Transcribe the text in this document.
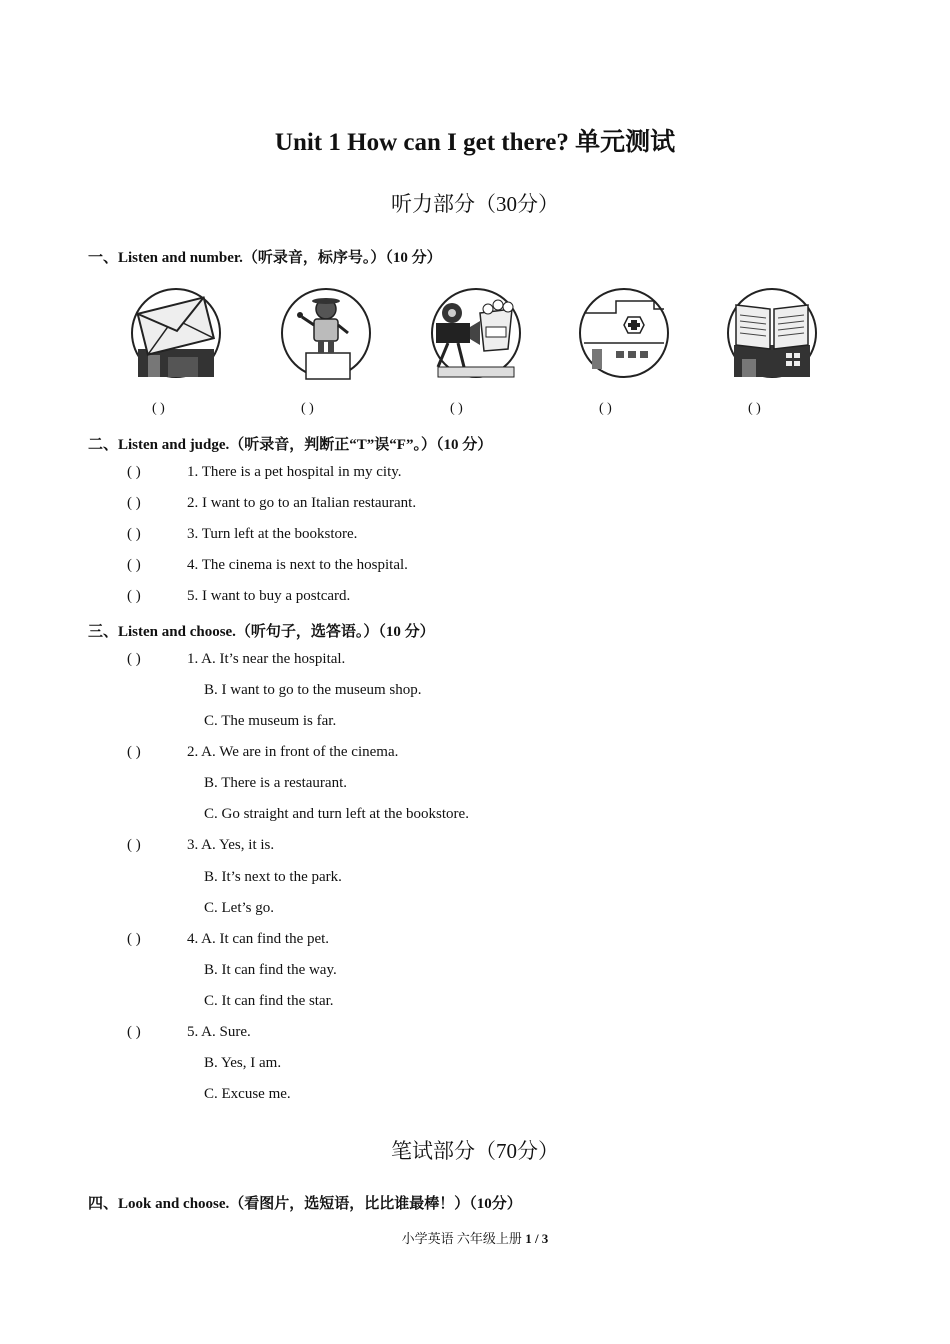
Unit 1 How can I get there? 单元测试
听力部分（30分）
一、Listen and number.（听录音，标序号。）（10 分）
( )	( )	( )	( )	( )
二、Listen and judge.（听录音，判断正“T”误“F”。）（10 分）
( )	1. There is a pet hospital in my city.
( )	2. I want to go to an Italian restaurant.
( )	3. Turn left at the bookstore.
( )	4. The cinema is next to the hospital.
( )	5. I want to buy a postcard.
三、Listen and choose.（听句子，选答语。）（10 分）
( )	1. A. It’s near the hospital.
B. I want to go to the museum shop.
C. The museum is far.
( )	2. A. We are in front of the cinema.
B. There is a restaurant.
C. Go straight and turn left at the bookstore.
( )	3. A. Yes, it is.
B. It’s next to the park.
C. Let’s go.
( )	4. A. It can find the pet.
B. It can find the way.
C. It can find the star.
( )	5. A. Sure.
B. Yes, I am.
C. Excuse me.
笔试部分（70分）
四、Look and choose.（看图片，选短语，比比谁最棒！）（10分）
小学英语 六年级上册 1 / 3
